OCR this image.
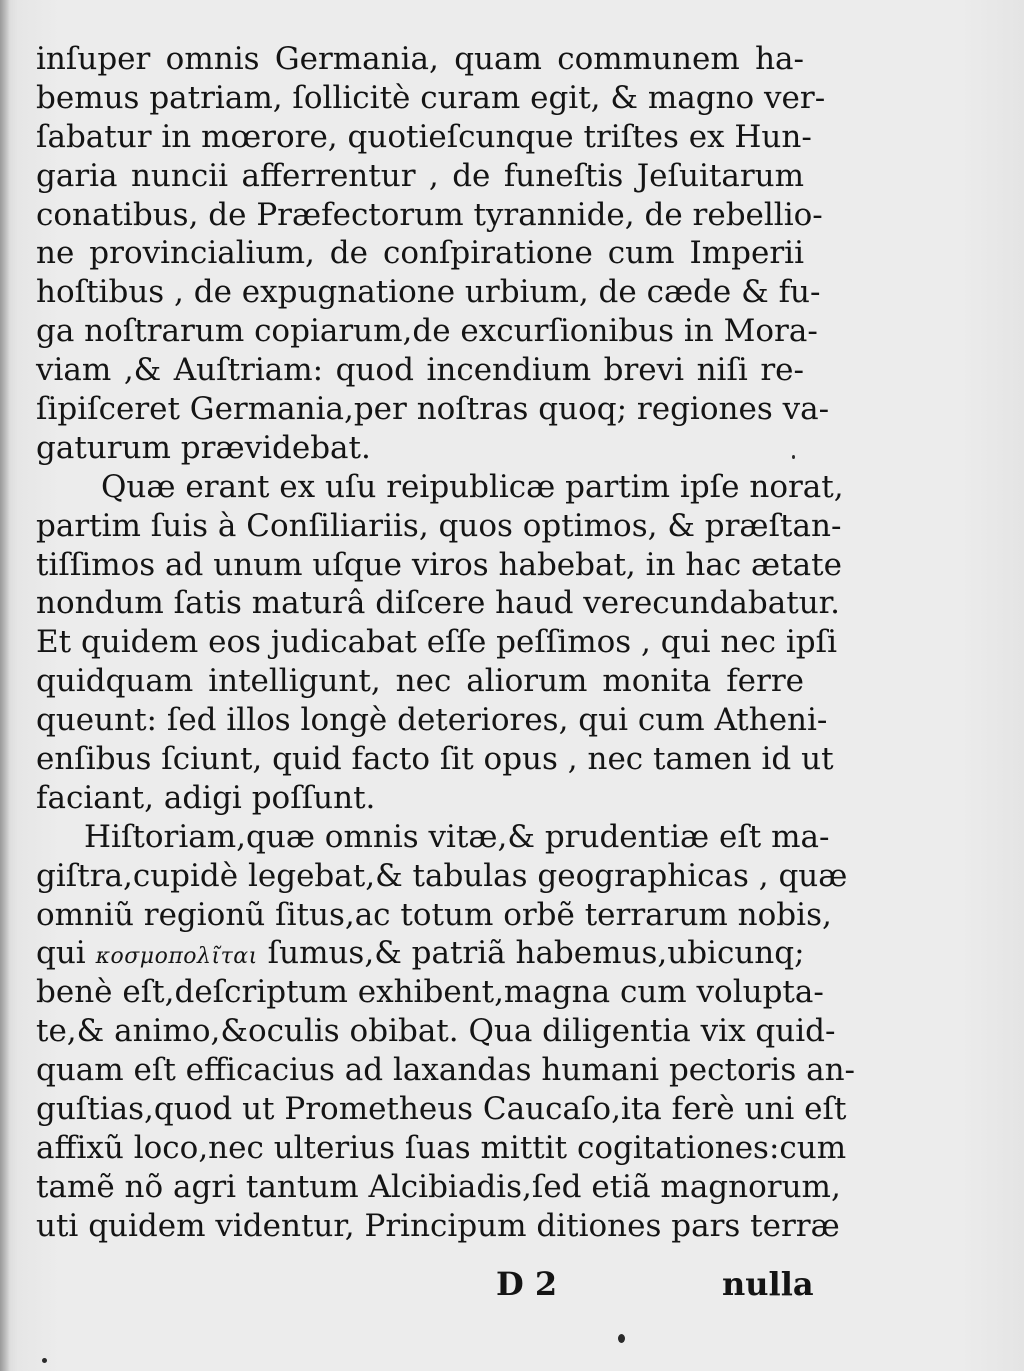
inſuper omnis Germania, quam communem ha-
bemus patriam, ſollicitè curam egit, & magno ver-
ſabatur in mœrore, quotieſcunque triſtes ex Hun-
garia nuncii afferrentur , de funeſtis Jeſuitarum
conatibus, de Præfectorum tyrannide, de rebellio-
ne provincialium, de conſpiratione cum Imperii
hoſtibus , de expugnatione urbium, de cæde & fu-
ga noſtrarum copiarum,de excurſionibus in Mora-
viam ,& Auſtriam: quod incendium brevi niſi re-
ſipiſceret Germania,per noſtras quoq; regiones va-
gaturum prævidebat.
Quæ erant ex uſu reipublicæ partim ipſe norat,
partim ſuis à Conſiliariis, quos optimos, & præſtan-
tiſſimos ad unum uſque viros habebat, in hac ætate
nondum ſatis maturâ diſcere haud verecundabatur.
Et quidem eos judicabat eſſe peſſimos , qui nec ipſi
quidquam intelligunt, nec aliorum monita ferre
queunt: ſed illos longè deteriores, qui cum Atheni-
enſibus ſciunt, quid facto ſit opus , nec tamen id ut
faciant, adigi poſſunt.
Hiſtoriam,quæ omnis vitæ,& prudentiæ eſt ma-
giſtra,cupidè legebat,& tabulas geographicas , quæ
omniũ regionũ ſitus,ac totum orbẽ terrarum nobis,
qui κοσμοπολῖται ſumus,& patriã habemus,ubicunq;
benè eſt,deſcriptum exhibent,magna cum volupta-
te,& animo,&oculis obibat. Qua diligentia vix quid-
quam eſt efficacius ad laxandas humani pectoris an-
guſtias,quod ut Prometheus Caucaſo,ita ferè uni eſt
affixũ loco,nec ulterius ſuas mittit cogitationes:cum
tamẽ nõ agri tantum Alcibiadis,ſed etiã magnorum,
uti quidem videntur, Principum ditiones pars terræ
D 2	nulla
